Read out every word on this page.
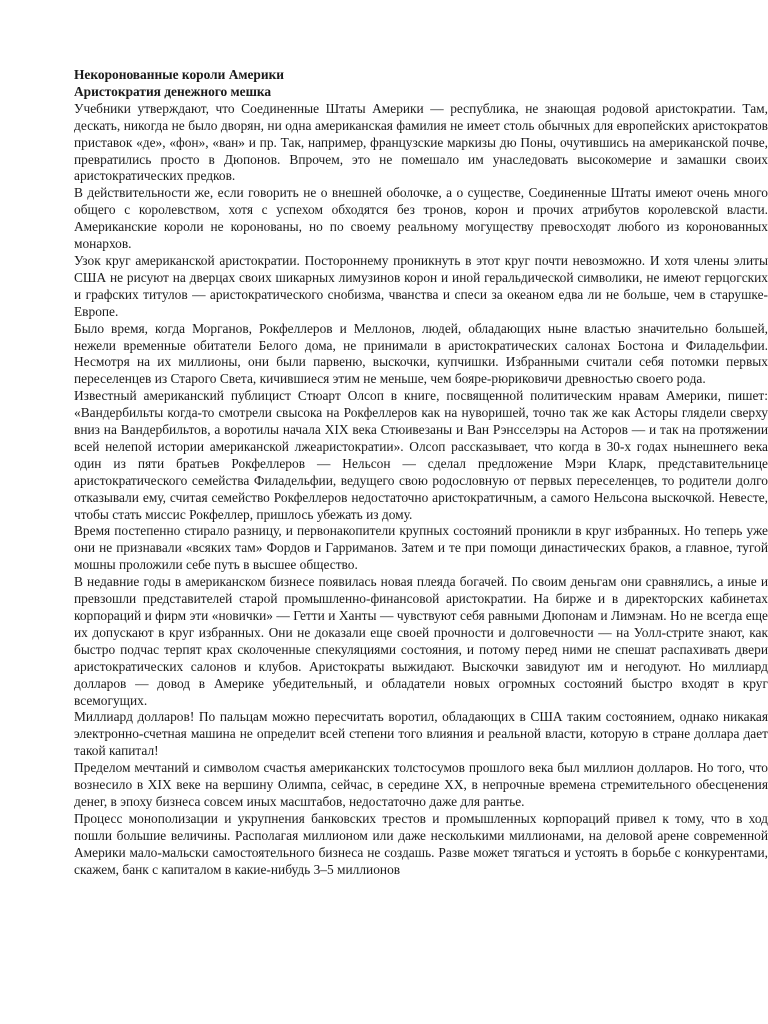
Некоронованные короли Америки

Аристократия денежного мешка

Учебники утверждают, что Соединенные Штаты Америки — республика, не знающая родовой аристократии. Там, дескать, никогда не было дворян, ни одна американская фамилия не имеет столь обычных для европейских аристократов приставок «де», «фон», «ван» и пр. Так, например, французские маркизы дю Поны, очутившись на американской почве, превратились просто в Дюпонов. Впрочем, это не помешало им унаследовать высокомерие и замашки своих аристократических предков.

В действительности же, если говорить не о внешней оболочке, а о существе, Соединенные Штаты имеют очень много общего с королевством, хотя с успехом обходятся без тронов, корон и прочих атрибутов королевской власти. Американские короли не коронованы, но по своему реальному могуществу превосходят любого из коронованных монархов.

Узок круг американской аристократии. Постороннему проникнуть в этот круг почти невозможно. И хотя члены элиты США не рисуют на дверцах своих шикарных лимузинов корон и иной геральдической символики, не имеют герцогских и графских титулов — аристократического снобизма, чванства и спеси за океаном едва ли не больше, чем в старушке-Европе.

Было время, когда Морганов, Рокфеллеров и Меллонов, людей, обладающих ныне властью значительно большей, нежели временные обитатели Белого дома, не принимали в аристократических салонах Бостона и Филадельфии. Несмотря на их миллионы, они были парвеню, выскочки, купчишки. Избранными считали себя потомки первых переселенцев из Старого Света, кичившиеся этим не меньше, чем бояре-рюриковичи древностью своего рода.

Известный американский публицист Стюарт Олсоп в книге, посвященной политическим нравам Америки, пишет: «Вандербильты когда-то смотрели свысока на Рокфеллеров как на нуворишей, точно так же как Асторы глядели сверху вниз на Вандербильтов, а воротилы начала XIX века Стюивезаны и Ван Рэнсселэры на Асторов — и так на протяжении всей нелепой истории американской лжеаристократии». Олсоп рассказывает, что когда в 30-х годах нынешнего века один из пяти братьев Рокфеллеров — Нельсон — сделал предложение Мэри Кларк, представительнице аристократического семейства Филадельфии, ведущего свою родословную от первых переселенцев, то родители долго отказывали ему, считая семейство Рокфеллеров недостаточно аристократичным, а самого Нельсона выскочкой. Невесте, чтобы стать миссис Рокфеллер, пришлось убежать из дому.

Время постепенно стирало разницу, и первонакопители крупных состояний проникли в круг избранных. Но теперь уже они не признавали «всяких там» Фордов и Гарриманов. Затем и те при помощи династических браков, а главное, тугой мошны проложили себе путь в высшее общество.

В недавние годы в американском бизнесе появилась новая плеяда богачей. По своим деньгам они сравнялись, а иные и превзошли представителей старой промышленно-финансовой аристократии. На бирже и в директорских кабинетах корпораций и фирм эти «новички» — Гетти и Ханты — чувствуют себя равными Дюпонам и Лимэнам. Но не всегда еще их допускают в круг избранных. Они не доказали еще своей прочности и долговечности — на Уолл-стрите знают, как быстро подчас терпят крах сколоченные спекуляциями состояния, и потому перед ними не спешат распахивать двери аристократических салонов и клубов. Аристократы выжидают. Выскочки завидуют им и негодуют. Но миллиард долларов — довод в Америке убедительный, и обладатели новых огромных состояний быстро входят в круг всемогущих.

Миллиард долларов! По пальцам можно пересчитать воротил, обладающих в США таким состоянием, однако никакая электронно-счетная машина не определит всей степени того влияния и реальной власти, которую в стране доллара дает такой капитал!

Пределом мечтаний и символом счастья американских толстосумов прошлого века был миллион долларов. Но того, что вознесило в XIX веке на вершину Олимпа, сейчас, в середине XX, в непрочные времена стремительного обесценения денег, в эпоху бизнеса совсем иных масштабов, недостаточно даже для рантье.

Процесс монополизации и укрупнения банковских трестов и промышленных корпораций привел к тому, что в ход пошли большие величины. Располагая миллионом или даже несколькими миллионами, на деловой арене современной Америки мало-мальски самостоятельного бизнеса не создашь. Разве может тягаться и устоять в борьбе с конкурентами, скажем, банк с капиталом в какие-нибудь 3–5 миллионов
